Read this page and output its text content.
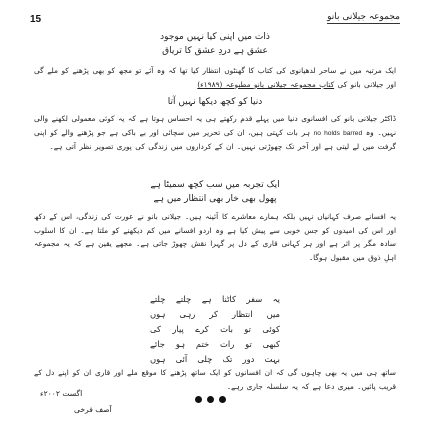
15	مجموعہ جیلانی بانو
ذات میں اپنی کیا نہیں موجود
عشق ہے دردِ عشق کا تریاق
ایک مرتبہ میں نے ساحر لدھیانوی کی کتاب کا گھنٹوں انتظار کیا تھا کہ وہ آئے تو مجھ کو بھی پڑھنے کو ملے گی اور جیلانی بانو کی کتاب مجموعہ جیلانی بانو مطبوعہ (۱۹۸۹ء)
دنیا کو کچھ دیکھا نہیں آتا
ڈاکٹر جیلانی بانو کی افسانوی دنیا میں پہلے قدم رکھتے ہی یہ احساس ہوتا ہے کہ یہ کوئی معمولی لکھنے والی نہیں۔ وہ no holds barred ہر بات کہتی ہیں، ان کی تحریر میں سچائی اور بے باکی ہے جو پڑھنے والے کو اپنی گرفت میں لے لیتی ہے اور آخر تک چھوڑتی نہیں۔ ان کے کرداروں میں زندگی کی پوری تصویر نظر آتی ہے۔
ایک تجربہ میں سب کچھ سمیٹا ہے
پھول بھی خار بھی انتظار میں ہے
یہ افسانے صرف کہانیاں نہیں بلکہ ہمارے معاشرے کا آئینہ ہیں۔ جیلانی بانو نے عورت کی زندگی، اس کے دکھ اور اس کی امیدوں کو جس خوبی سے پیش کیا ہے وہ اردو افسانے میں کم دیکھنے کو ملتا ہے۔ ان کا اسلوب سادہ مگر پر اثر ہے اور ہر کہانی قاری کے دل پر گہرا نقش چھوڑ جاتی ہے۔ مجھے یقین ہے کہ یہ مجموعہ اہلِ ذوق میں مقبول ہوگا۔
یہ سفر کاٹنا ہے چلتے چلتے
میں انتظار کر رہی ہوں
کوئی تو بات کرے پیار کی
کبھی تو رات ختم ہو جائے
بہت دور تک چلی آئی ہوں
ساتھ ہی میں یہ بھی چاہوں گی کہ ان افسانوں کو ایک ساتھ پڑھنے کا موقع ملے اور قاری ان کو اپنے دل کے قریب پائیں۔ میری دعا ہے کہ یہ سلسلہ جاری رہے۔
اگست ۲۰۰۲ء
آصف فرخی
